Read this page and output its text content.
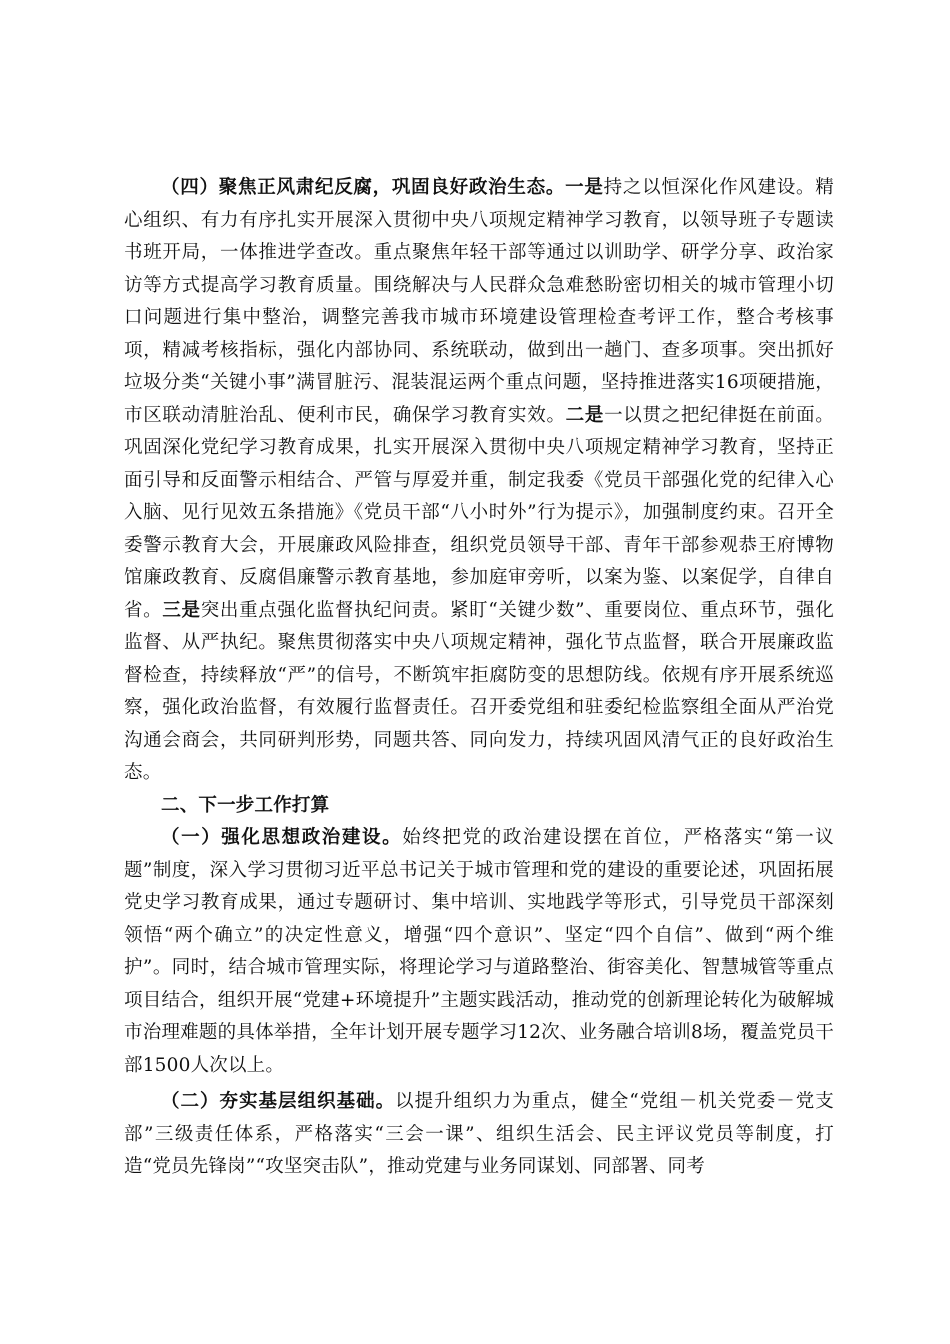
（四）聚焦正风肃纪反腐，巩固良好政治生态。一是持之以恒深化作风建设。精心组织、有力有序扎实开展深入贯彻中央八项规定精神学习教育，以领导班子专题读书班开局，一体推进学查改。重点聚焦年轻干部等通过以训助学、研学分享、政治家访等方式提高学习教育质量。围绕解决与人民群众急难愁盼密切相关的城市管理小切口问题进行集中整治，调整完善我市城市环境建设管理检查考评工作，整合考核事项，精减考核指标，强化内部协同、系统联动，做到出一趟门、查多项事。突出抓好垃圾分类“关键小事”满冒脏污、混装混运两个重点问题，坚持推进落实16项硬措施，市区联动清脏治乱、便利市民，确保学习教育实效。二是一以贯之把纪律挺在前面。巩固深化党纪学习教育成果，扎实开展深入贯彻中央八项规定精神学习教育，坚持正面引导和反面警示相结合、严管与厚爱并重，制定我委《党员干部强化党的纪律入心入脑、见行见效五条措施》《党员干部“八小时外”行为提示》，加强制度约束。召开全委警示教育大会，开展廉政风险排查，组织党员领导干部、青年干部参观恭王府博物馆廉政教育、反腐倡廉警示教育基地，参加庭审旁听，以案为鉴、以案促学，自律自省。三是突出重点强化监督执纪问责。紧盯“关键少数”、重要岗位、重点环节，强化监督、从严执纪。聚焦贯彻落实中央八项规定精神，强化节点监督，联合开展廉政监督检查，持续释放“严”的信号，不断筑牢拒腐防变的思想防线。依规有序开展系统巡察，强化政治监督，有效履行监督责任。召开委党组和驻委纪检监察组全面从严治党沟通会商会，共同研判形势，同题共答、同向发力，持续巩固风清气正的良好政治生态。

二、下一步工作打算

（一）强化思想政治建设。始终把党的政治建设摆在首位，严格落实“第一议题”制度，深入学习贯彻习近平总书记关于城市管理和党的建设的重要论述，巩固拓展党史学习教育成果，通过专题研讨、集中培训、实地践学等形式，引导党员干部深刻领悟“两个确立”的决定性意义，增强“四个意识”、坚定“四个自信”、做到“两个维护”。同时，结合城市管理实际，将理论学习与道路整治、街容美化、智慧城管等重点项目结合，组织开展“党建+环境提升”主题实践活动，推动党的创新理论转化为破解城市治理难题的具体举措，全年计划开展专题学习12次、业务融合培训8场，覆盖党员干部1500人次以上。

（二）夯实基层组织基础。以提升组织力为重点，健全“党组－机关党委－党支部”三级责任体系，严格落实“三会一课”、组织生活会、民主评议党员等制度，打造“党员先锋岗”“攻坚突击队”，推动党建与业务同谋划、同部署、同考
